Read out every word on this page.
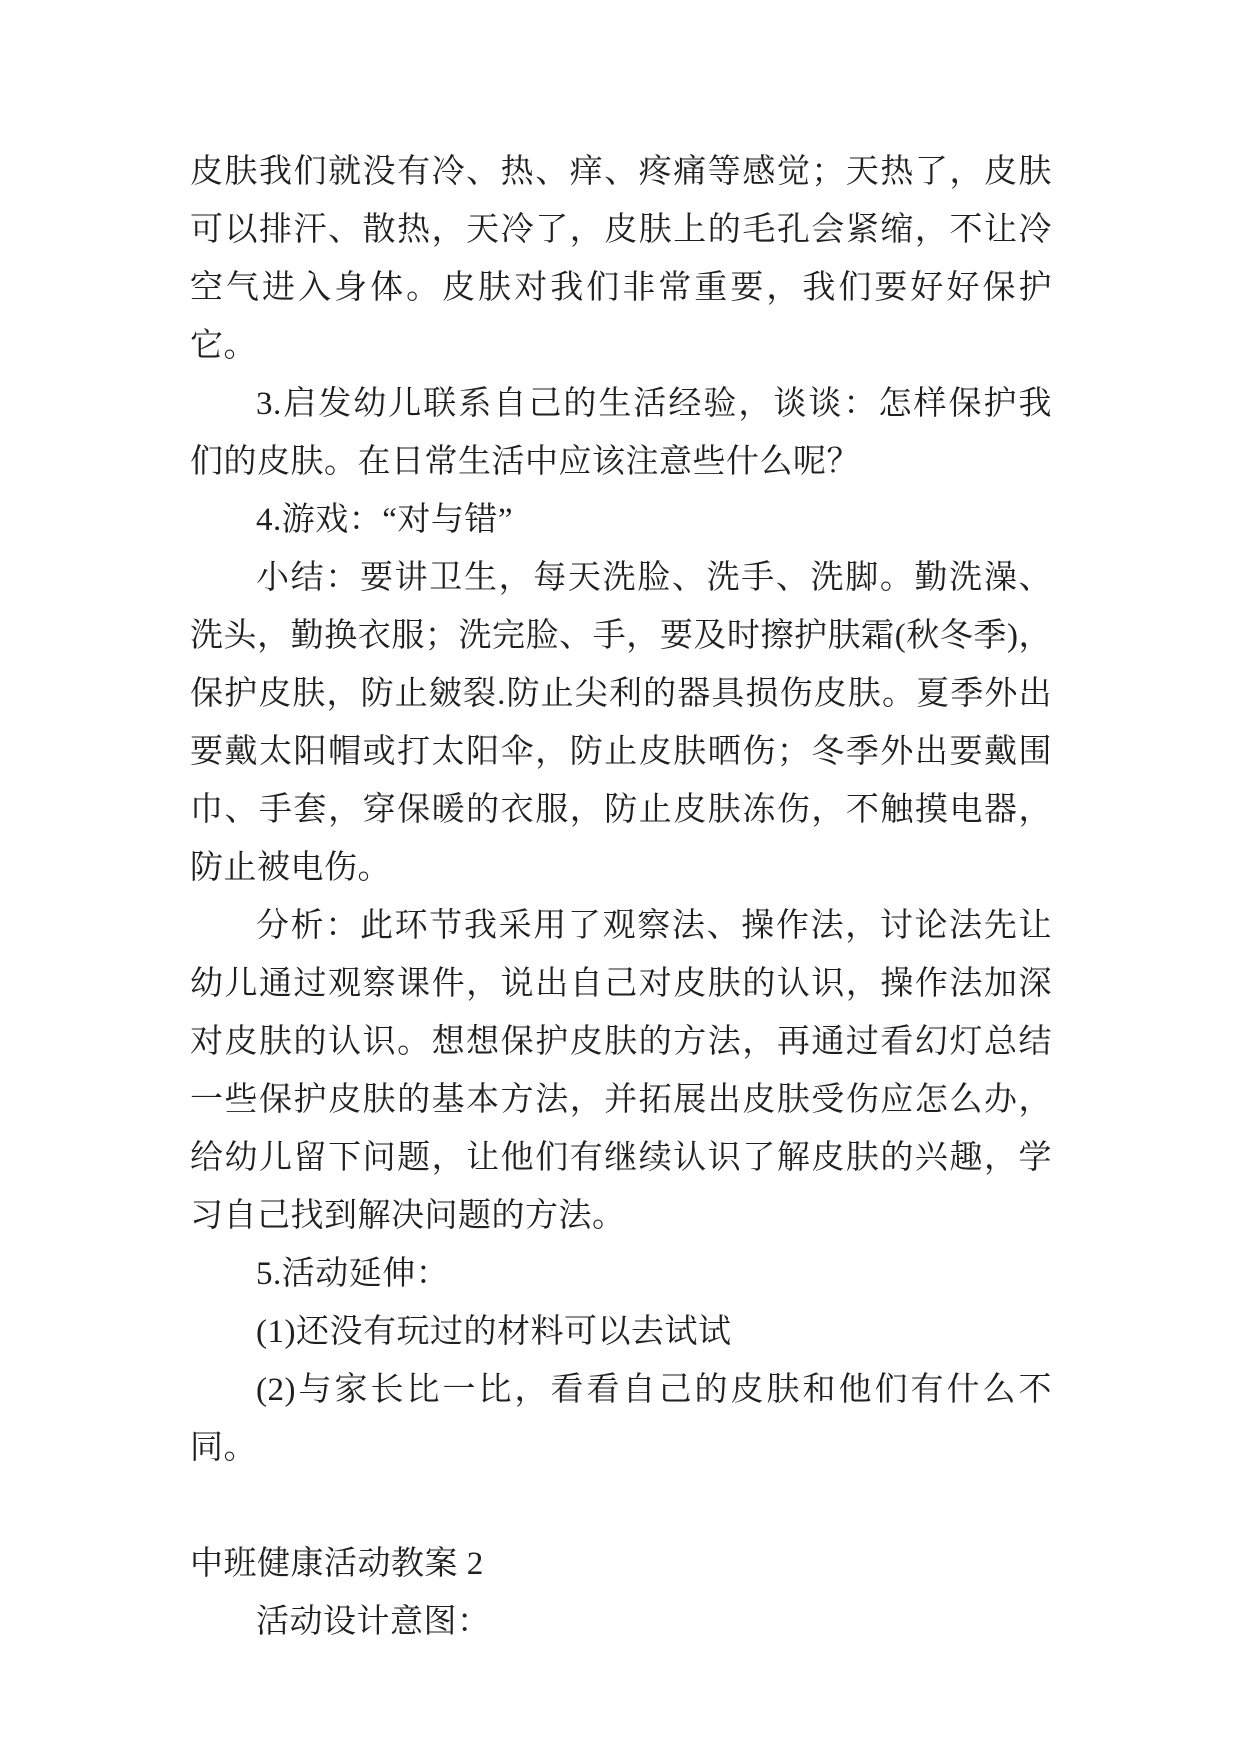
皮肤我们就没有冷、热、痒、疼痛等感觉；天热了，皮肤可以排汗、散热，天冷了，皮肤上的毛孔会紧缩，不让冷空气进入身体。皮肤对我们非常重要，我们要好好保护它。

3.启发幼儿联系自己的生活经验，谈谈：怎样保护我们的皮肤。在日常生活中应该注意些什么呢？

4.游戏：“对与错”

小结：要讲卫生，每天洗脸、洗手、洗脚。勤洗澡、洗头，勤换衣服；洗完脸、手，要及时擦护肤霜(秋冬季)，保护皮肤，防止皴裂.防止尖利的器具损伤皮肤。夏季外出要戴太阳帽或打太阳伞，防止皮肤晒伤；冬季外出要戴围巾、手套，穿保暖的衣服，防止皮肤冻伤，不触摸电器，防止被电伤。

分析：此环节我采用了观察法、操作法，讨论法先让幼儿通过观察课件，说出自己对皮肤的认识，操作法加深对皮肤的认识。想想保护皮肤的方法，再通过看幻灯总结一些保护皮肤的基本方法，并拓展出皮肤受伤应怎么办，给幼儿留下问题，让他们有继续认识了解皮肤的兴趣，学习自己找到解决问题的方法。

5.活动延伸：

(1)还没有玩过的材料可以去试试

(2)与家长比一比，看看自己的皮肤和他们有什么不同。

中班健康活动教案 2

活动设计意图：
